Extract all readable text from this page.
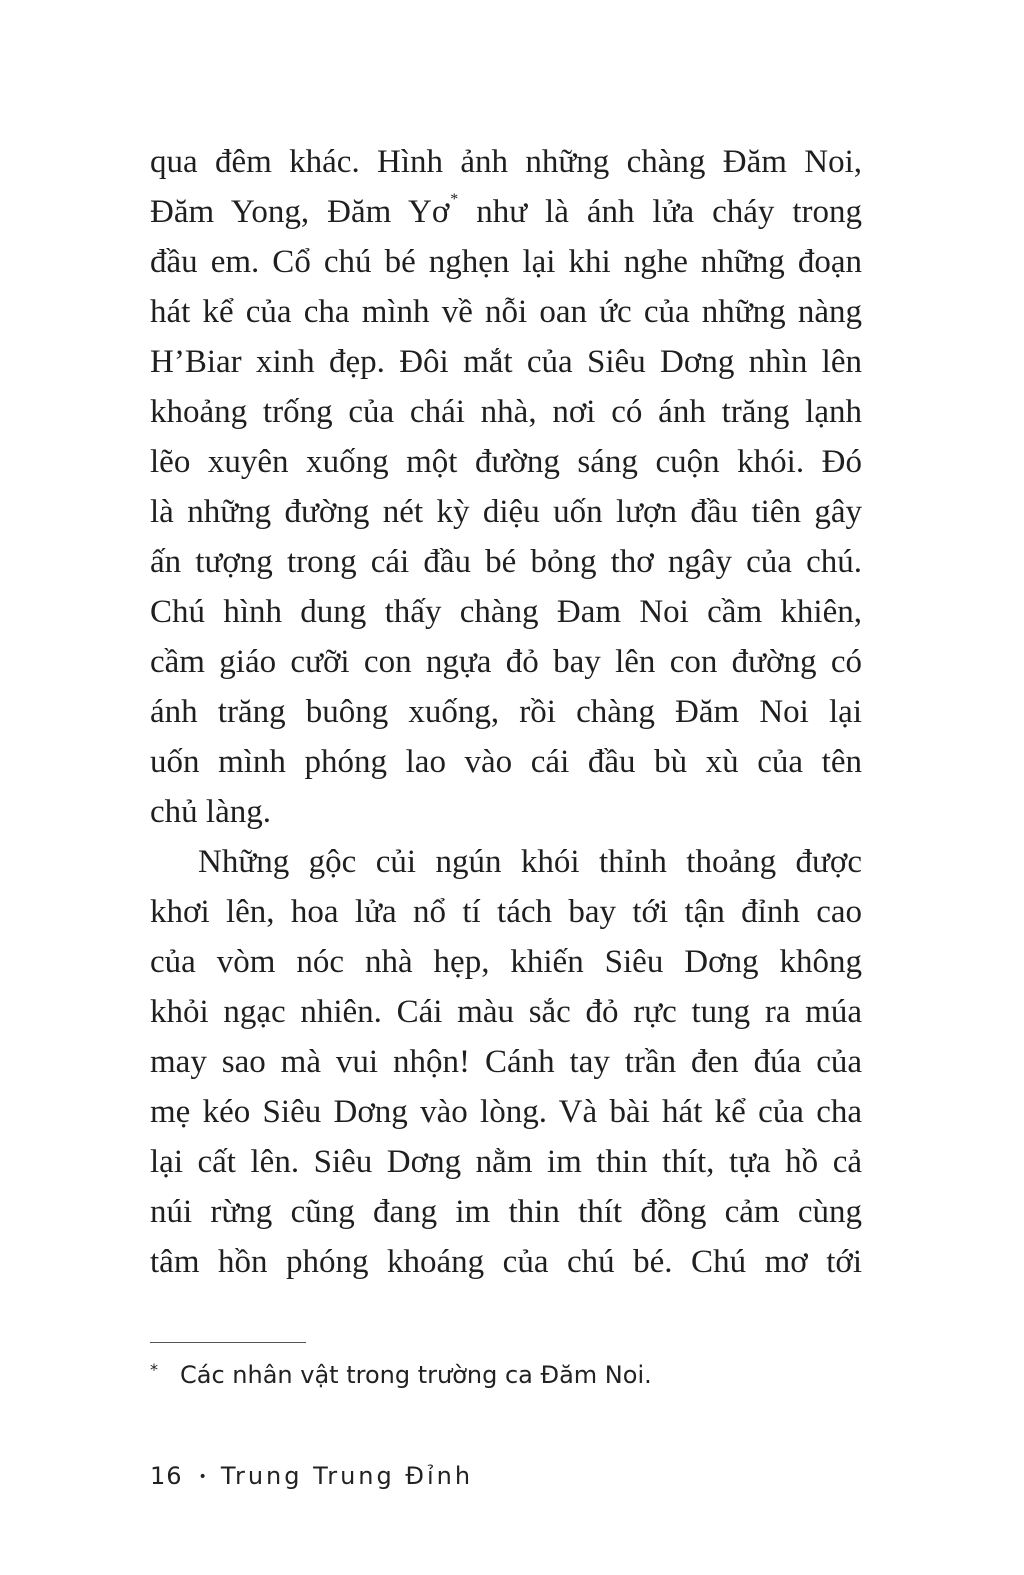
qua đêm khác. Hình ảnh những chàng Đăm Noi,
Đăm Yong, Đăm Yơ* như là ánh lửa cháy trong
đầu em. Cổ chú bé nghẹn lại khi nghe những đoạn
hát kể của cha mình về nỗi oan ức của những nàng
H’Biar xinh đẹp. Đôi mắt của Siêu Dơng nhìn lên
khoảng trống của chái nhà, nơi có ánh trăng lạnh
lẽo xuyên xuống một đường sáng cuộn khói. Đó
là những đường nét kỳ diệu uốn lượn đầu tiên gây
ấn tượng trong cái đầu bé bỏng thơ ngây của chú.
Chú hình dung thấy chàng Đam Noi cầm khiên,
cầm giáo cưỡi con ngựa đỏ bay lên con đường có
ánh trăng buông xuống, rồi chàng Đăm Noi lại
uốn mình phóng lao vào cái đầu bù xù của tên
chủ làng.
Những gộc củi ngún khói thỉnh thoảng được
khơi lên, hoa lửa nổ tí tách bay tới tận đỉnh cao
của vòm nóc nhà hẹp, khiến Siêu Dơng không
khỏi ngạc nhiên. Cái màu sắc đỏ rực tung ra múa
may sao mà vui nhộn! Cánh tay trần đen đúa của
mẹ kéo Siêu Dơng vào lòng. Và bài hát kể của cha
lại cất lên. Siêu Dơng nằm im thin thít, tựa hồ cả
núi rừng cũng đang im thin thít đồng cảm cùng
tâm hồn phóng khoáng của chú bé. Chú mơ tới
* Các nhân vật trong trường ca Đăm Noi.
16 • Trung Trung Đỉnh
